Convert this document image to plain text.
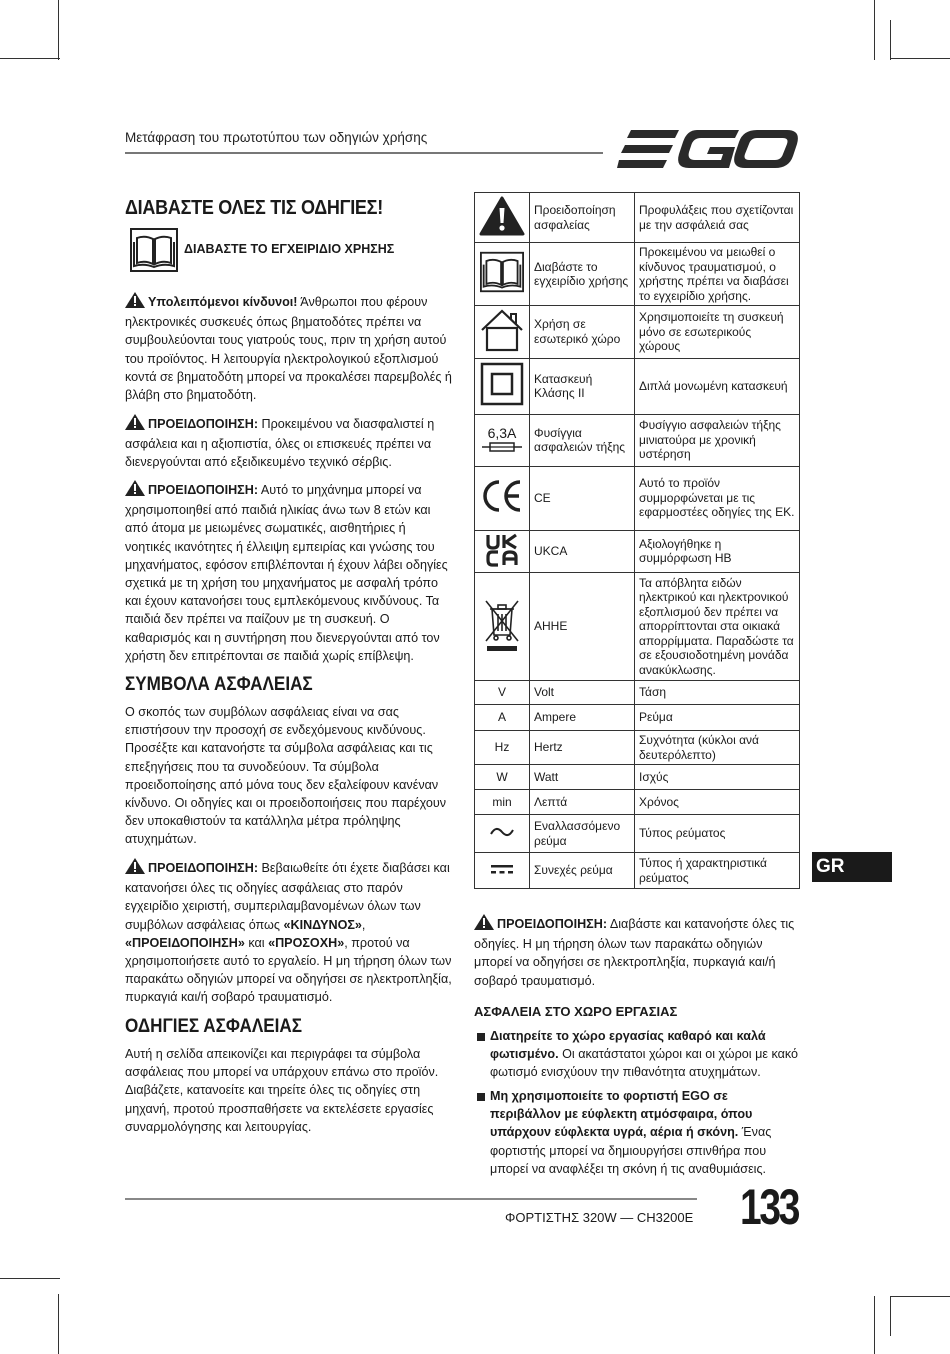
Μετάφραση του πρωτοτύπου των οδηγιών χρήσης
ΔΙΑΒΑΣΤΕ ΟΛΕΣ ΤΙΣ ΟΔΗΓΙΕΣ!
ΔΙΑΒΑΣΤΕ ΤΟ ΕΓΧΕΙΡΙΔΙΟ ΧΡΗΣΗΣ
Υπολειπόμενοι κίνδυνοι! Άνθρωποι που φέρουν ηλεκτρονικές συσκευές όπως βηματοδότες πρέπει να συμβουλεύονται τους γιατρούς τους, πριν τη χρήση αυτού του προϊόντος. Η λειτουργία ηλεκτρολογικού εξοπλισμού κοντά σε βηματοδότη μπορεί να προκαλέσει παρεμβολές ή βλάβη στο βηματοδότη.
ΠΡΟΕΙΔΟΠΟΙΗΣΗ: Προκειμένου να διασφαλιστεί η ασφάλεια και η αξιοπιστία, όλες οι επισκευές πρέπει να διενεργούνται από εξειδικευμένο τεχνικό σέρβις.
ΠΡΟΕΙΔΟΠΟΙΗΣΗ: Αυτό το μηχάνημα μπορεί να χρησιμοποιηθεί από παιδιά ηλικίας άνω των 8 ετών και από άτομα με μειωμένες σωματικές, αισθητήριες ή νοητικές ικανότητες ή έλλειψη εμπειρίας και γνώσης του μηχανήματος, εφόσον επιβλέπονται ή έχουν λάβει οδηγίες σχετικά με τη χρήση του μηχανήματος με ασφαλή τρόπο και έχουν κατανοήσει τους εμπλεκόμενους κινδύνους. Τα παιδιά δεν πρέπει να παίζουν με τη συσκευή. Ο καθαρισμός και η συντήρηση που διενεργούνται από τον χρήστη δεν επιτρέπονται σε παιδιά χωρίς επίβλεψη.
ΣΥΜΒΟΛΑ ΑΣΦΑΛΕΙΑΣ
Ο σκοπός των συμβόλων ασφάλειας είναι να σας επιστήσουν την προσοχή σε ενδεχόμενους κινδύνους. Προσέξτε και κατανοήστε τα σύμβολα ασφάλειας και τις επεξηγήσεις που τα συνοδεύουν. Τα σύμβολα προειδοποίησης από μόνα τους δεν εξαλείφουν κανέναν κίνδυνο. Οι οδηγίες και οι προειδοποιήσεις που παρέχουν δεν υποκαθιστούν τα κατάλληλα μέτρα πρόληψης ατυχημάτων.
ΠΡΟΕΙΔΟΠΟΙΗΣΗ: Βεβαιωθείτε ότι έχετε διαβάσει και κατανοήσει όλες τις οδηγίες ασφάλειας στο παρόν εγχειρίδιο χειριστή, συμπεριλαμβανομένων όλων των συμβόλων ασφάλειας όπως «ΚΙΝΔΥΝΟΣ», «ΠΡΟΕΙΔΟΠΟΙΗΣΗ» και «ΠΡΟΣΟΧΗ», προτού να χρησιμοποιήσετε αυτό το εργαλείο. Η μη τήρηση όλων των παρακάτω οδηγιών μπορεί να οδηγήσει σε ηλεκτροπληξία, πυρκαγιά και/ή σοβαρό τραυματισμό.
ΟΔΗΓΙΕΣ ΑΣΦΑΛΕΙΑΣ
Αυτή η σελίδα απεικονίζει και περιγράφει τα σύμβολα ασφάλειας που μπορεί να υπάρχουν επάνω στο προϊόν. Διαβάζετε, κατανοείτε και τηρείτε όλες τις οδηγίες στη μηχανή, προτού προσπαθήσετε να εκτελέσετε εργασίες συναρμολόγησης και λειτουργίας.
	Προειδοποίηση ασφαλείας	Προφυλάξεις που σχετίζονται με την ασφάλειά σας
	Διαβάστε το εγχειρίδιο χρήσης	Προκειμένου να μειωθεί ο κίνδυνος τραυματισμού, ο χρήστης πρέπει να διαβάσει το εγχειρίδιο χρήσης.
	Χρήση σε εσωτερικό χώρο	Χρησιμοποιείτε τη συσκευή μόνο σε εσωτερικούς χώρους
	Κατασκευή Κλάσης II	Διπλά μονωμένη κατασκευή

6,3A	Φυσίγγια ασφαλειών τήξης	Φυσίγγιο ασφαλειών τήξης μινιατούρα με χρονική υστέρηση
	CE	Αυτό το προϊόν συμμορφώνεται με τις εφαρμοστέες οδηγίες της ΕΚ.
	UKCA	Αξιολογήθηκε η συμμόρφωση ΗΒ
	ΑΗΗΕ	Τα απόβλητα ειδών ηλεκτρικού και ηλεκτρονικού εξοπλισμού δεν πρέπει να απορρίπτονται στα οικιακά απορρίμματα. Παραδώστε τα σε εξουσιοδοτημένη μονάδα ανακύκλωσης.
V	Volt	Τάση
A	Ampere	Ρεύμα
Hz	Hertz	Συχνότητα (κύκλοι ανά δευτερόλεπτο)
W	Watt	Ισχύς
min	Λεπτά	Χρόνος
	Εναλλασσόμενο ρεύμα	Τύπος ρεύματος
	Συνεχές ρεύμα	Τύπος ή χαρακτηριστικά ρεύματος
GR
ΠΡΟΕΙΔΟΠΟΙΗΣΗ: Διαβάστε και κατανοήστε όλες τις οδηγίες. Η μη τήρηση όλων των παρακάτω οδηγιών μπορεί να οδηγήσει σε ηλεκτροπληξία, πυρκαγιά και/ή σοβαρό τραυματισμό.
ΑΣΦΑΛΕΙΑ ΣΤΟ ΧΩΡΟ ΕΡΓΑΣΙΑΣ
Διατηρείτε το χώρο εργασίας καθαρό και καλά φωτισμένο. Οι ακατάστατοι χώροι και οι χώροι με κακό φωτισμό ενισχύουν την πιθανότητα ατυχημάτων.
Μη χρησιμοποιείτε το φορτιστή EGO σε περιβάλλον με εύφλεκτη ατμόσφαιρα, όπου υπάρχουν εύφλεκτα υγρά, αέρια ή σκόνη. Ένας φορτιστής μπορεί να δημιουργήσει σπινθήρα που μπορεί να αναφλέξει τη σκόνη ή τις αναθυμιάσεις.
ΦΟΡΤΙΣΤΗΣ 320W — CH3200E 133
